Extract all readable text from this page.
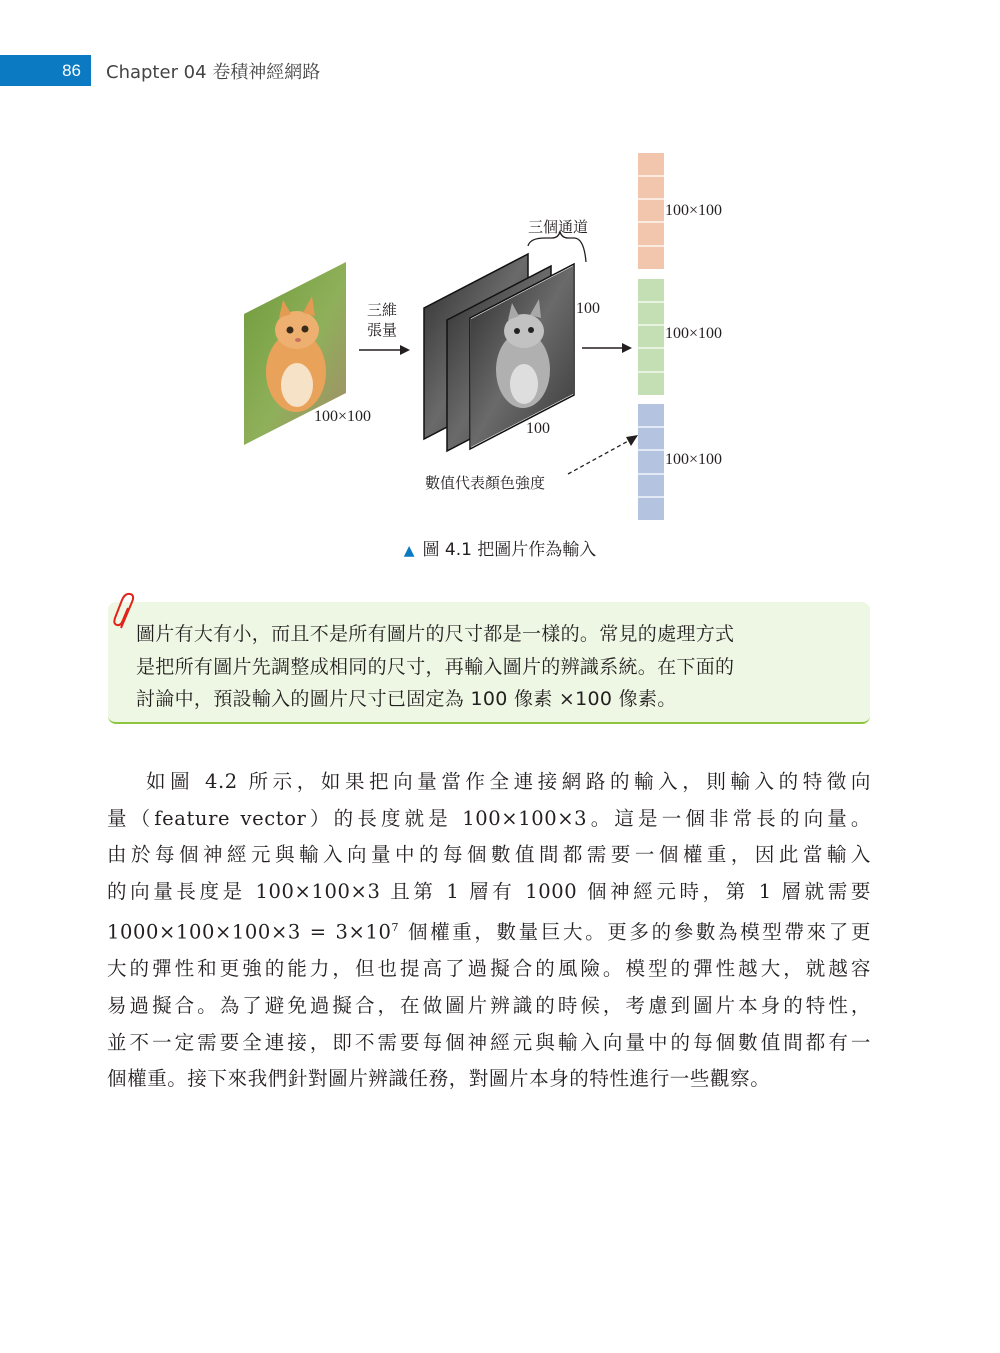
86	Chapter 04 卷積神經網路
三個通道
三維
張量
100×100
100
100
數值代表顏色強度
100×100
100×100
100×100
▲ 圖 4.1 把圖片作為輸入
圖片有大有小，而且不是所有圖片的尺寸都是一樣的。常見的處理方式
是把所有圖片先調整成相同的尺寸，再輸入圖片的辨識系統。在下面的
討論中，預設輸入的圖片尺寸已固定為 100 像素 ×100 像素。
如圖 4.2 所示，如果把向量當作全連接網路的輸入，則輸入的特徵向
量（feature vector）的長度就是 100×100×3。這是一個非常長的向量。
由於每個神經元與輸入向量中的每個數值間都需要一個權重，因此當輸入
的向量長度是 100×100×3 且第 1 層有 1000 個神經元時，第 1 層就需要
$1000\times 100\times 100\times 3 = 3\times 10^7$ 個權重，數量巨大。更多的參數為模型帶來了更
大的彈性和更強的能力，但也提高了過擬合的風險。模型的彈性越大，就越容
易過擬合。為了避免過擬合，在做圖片辨識的時候，考慮到圖片本身的特性，
並不一定需要全連接，即不需要每個神經元與輸入向量中的每個數值間都有一
個權重。接下來我們針對圖片辨識任務，對圖片本身的特性進行一些觀察。
